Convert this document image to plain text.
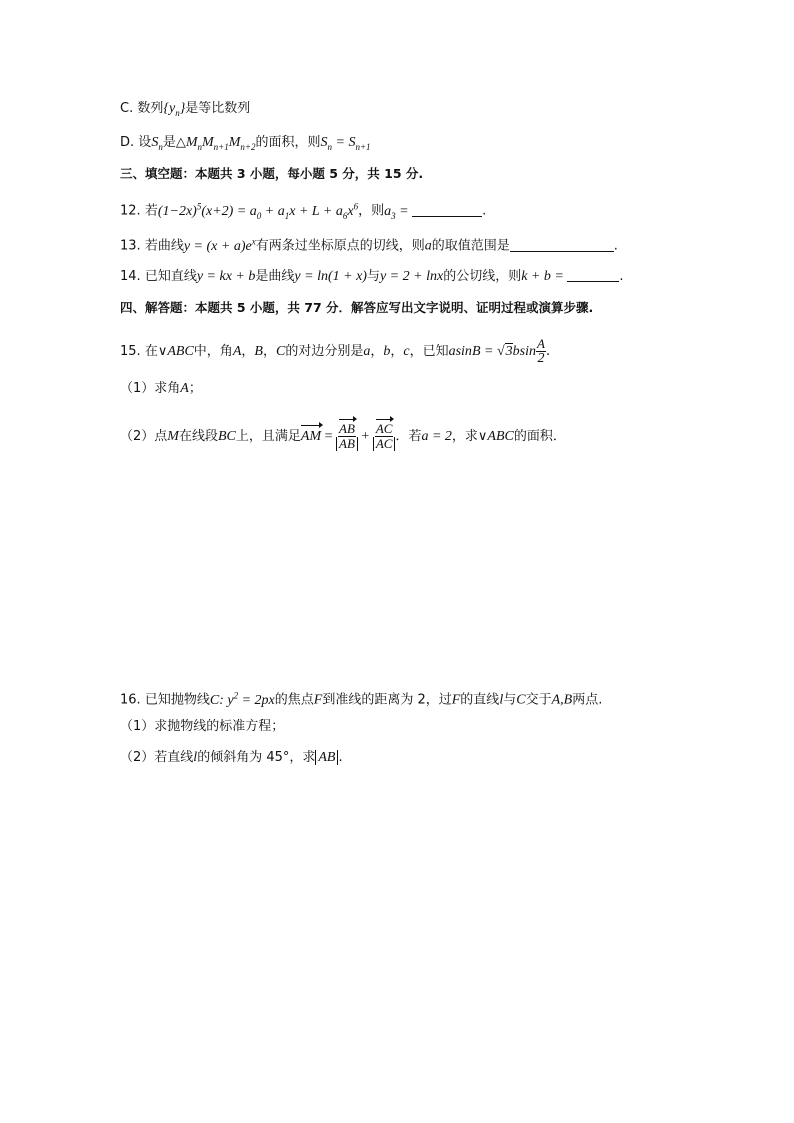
C. 数列$\{y_n\}$是等比数列
D. 设$S_n$是$\triangle M_nM_{n+1}M_{n+2}$的面积，则$S_n = S_{n+1}$
三、填空题：本题共 3 小题，每小题 5 分，共 15 分.
12. 若$(1-2x)^5(x+2) = a_0 + a_1x + L + a_6x^6$，则$a_3$ =	.
13. 若曲线$y = (x + a)e^x$有两条过坐标原点的切线，则a的取值范围是	.
14. 已知直线y = kx + b是曲线y = ln(1 + x)与y = 2 + lnx的公切线，则k + b =	.
四、解答题：本题共 5 小题，共 77 分．解答应写出文字说明、证明过程或演算步骤.
15. 在∨ABC中，角A，B，C的对边分别是a，b，c，已知$asinB = √3bsin \frac{A}{2}$ .
（1）求角A；
（2）点M在线段BC上，且满足AM = $\frac{AB}{AB} + \frac{AC}{AC}$ ．若a = 2，求∨ABC的面积．
16. 已知抛物线C: $y^2 = 2px$的焦点F到准线的距离为 2，过F的直线l与C交于A,B两点.
（1）求抛物线的标准方程；
（2）若直线l的倾斜角为 45°，求 AB .
